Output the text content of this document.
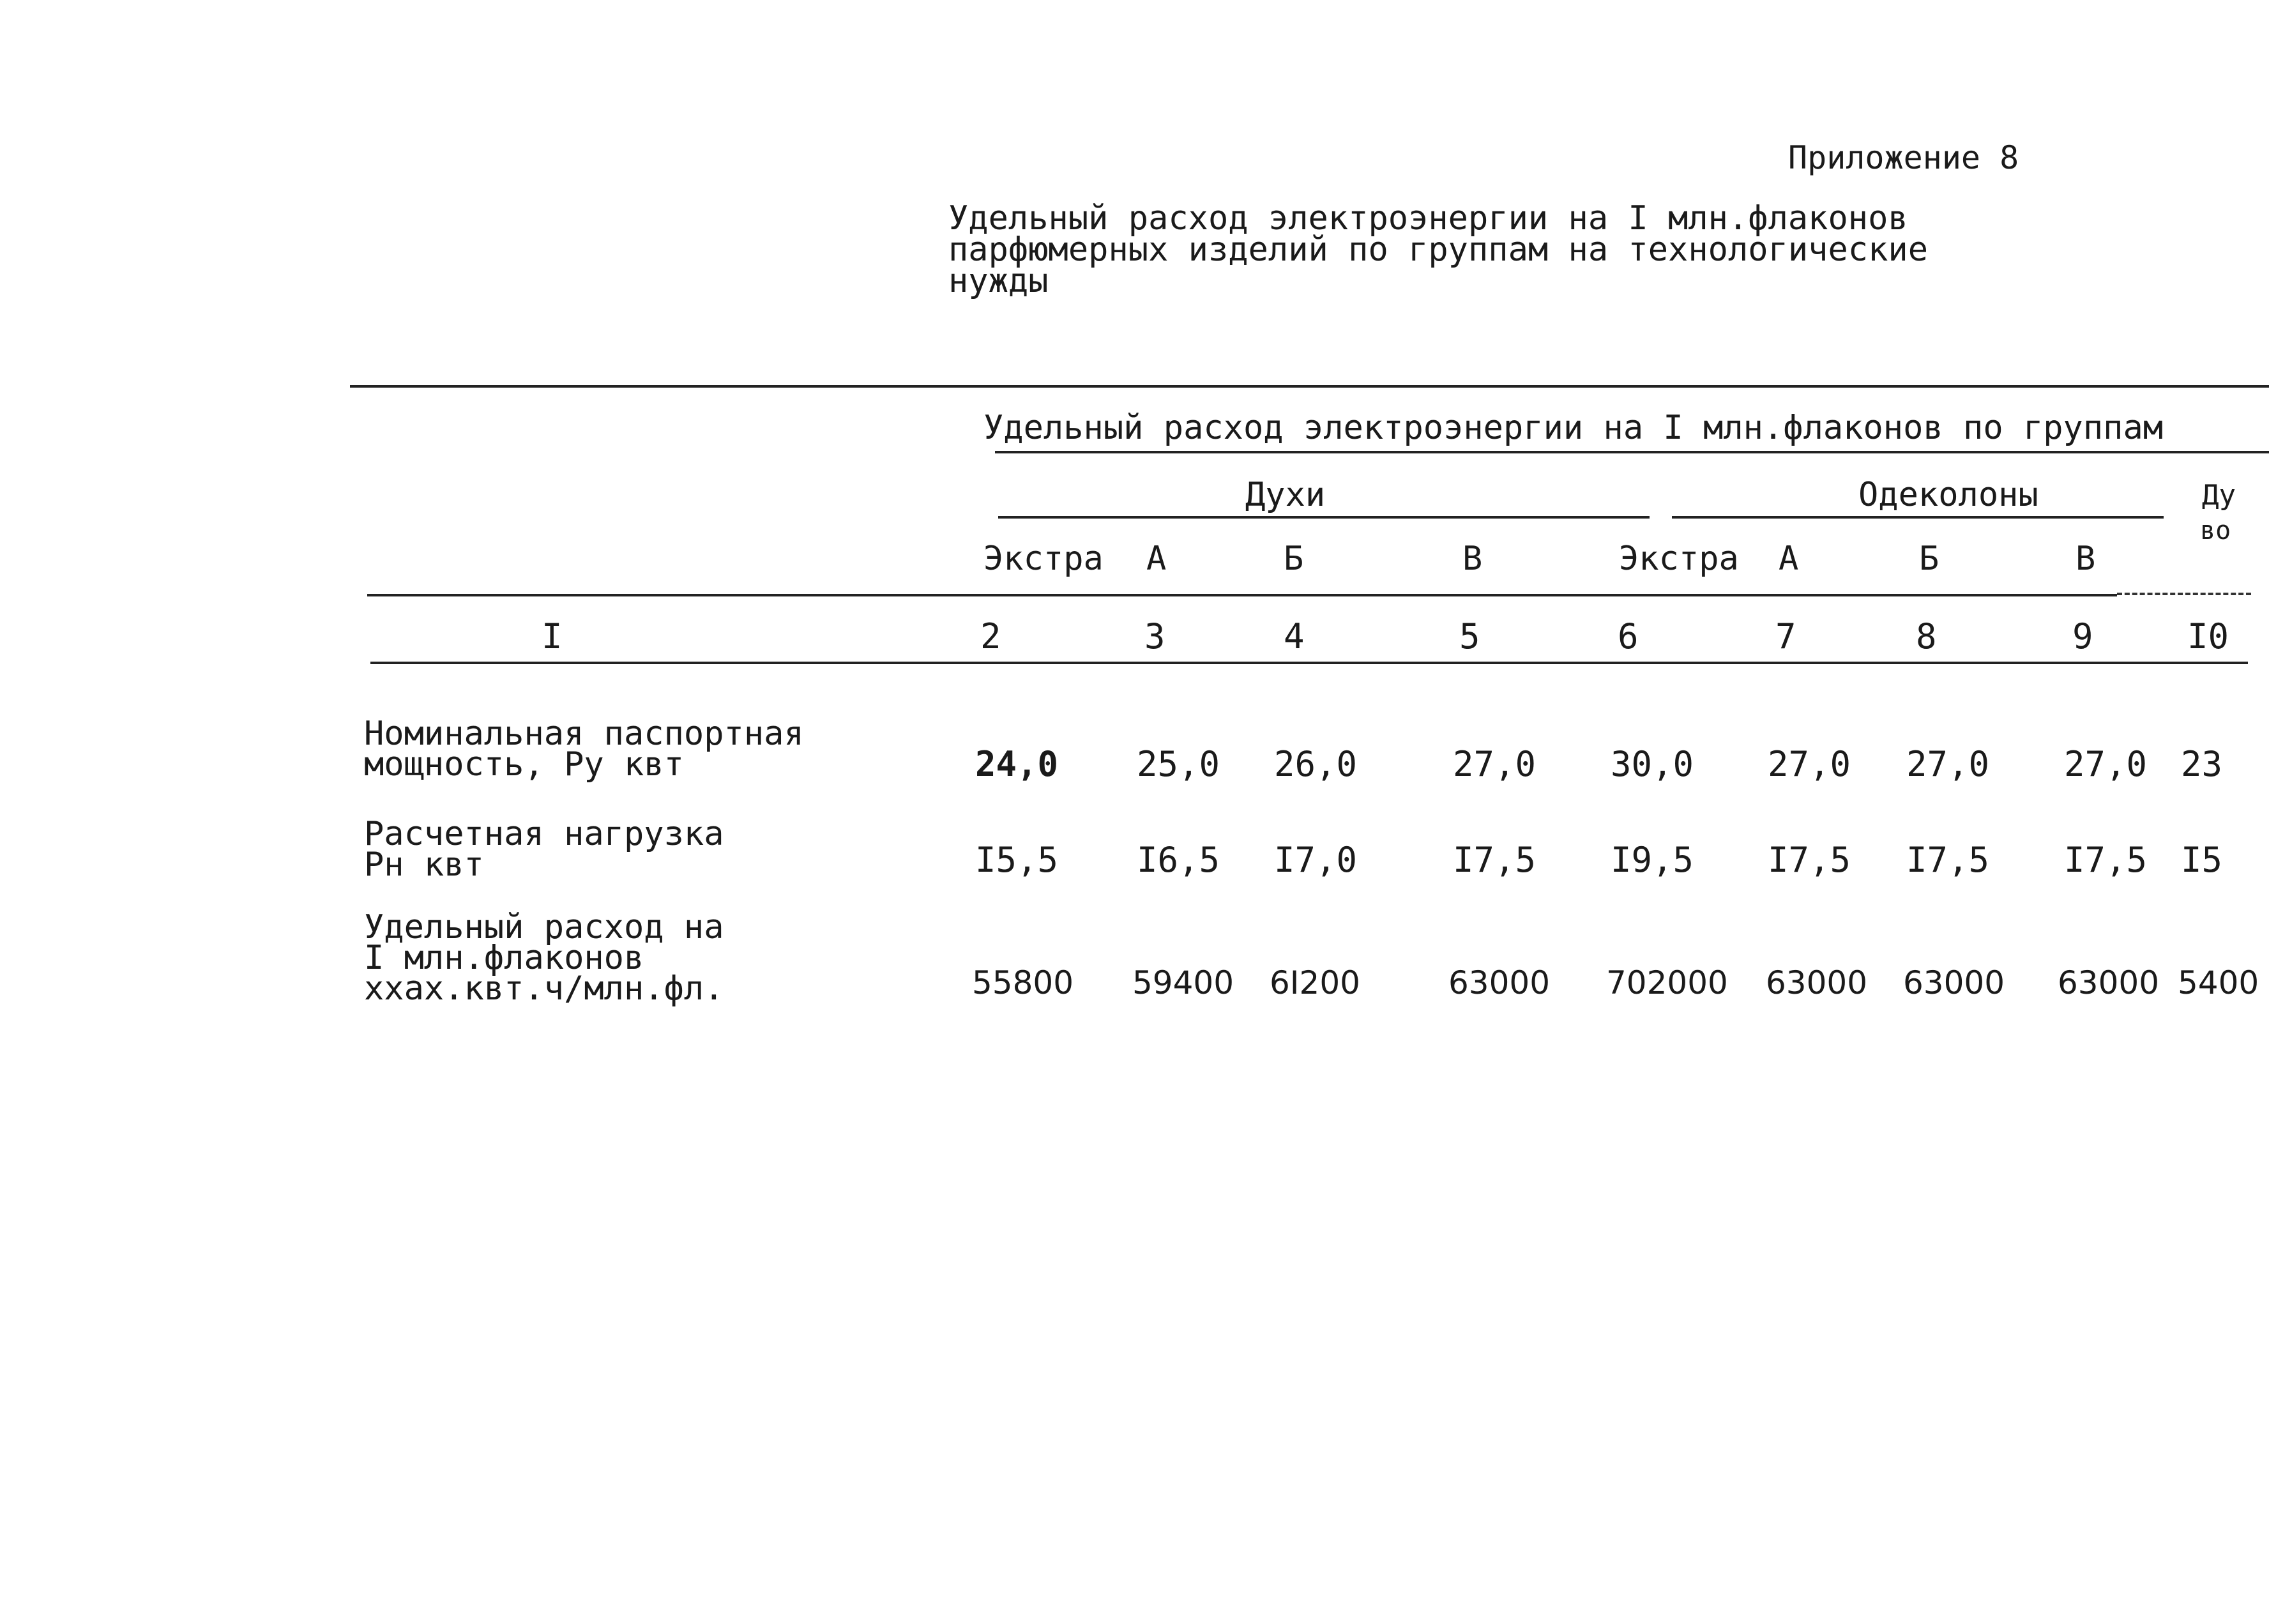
Приложение 8
Удельный расход электроэнергии на I млн.флаконов
парфюмерных изделий по группам на технологические
нужды
Удельный расход электроэнергии на I млн.флаконов по группам
Духи	Одеколоны	Ду
во
Экстра А	Б	В	Экстра А	Б	В
I	2	3	4	5	6	7	8	9	I0
Номинальная паспортная
мощность, Ру квт	24,0 25,0 26,0	27,0 30,0 27,0 27,0 27,0 23
Расчетная нагрузка
Рн квт	I5,5 I6,5 I7,0	I7,5 I9,5 I7,5 I7,5 I7,5 I5
Удельный расход на
I млн.флаконов
ххах.квт.ч/млн.фл.	55800 59400 6I200	63000 702000 63000 63000 63000 5400
